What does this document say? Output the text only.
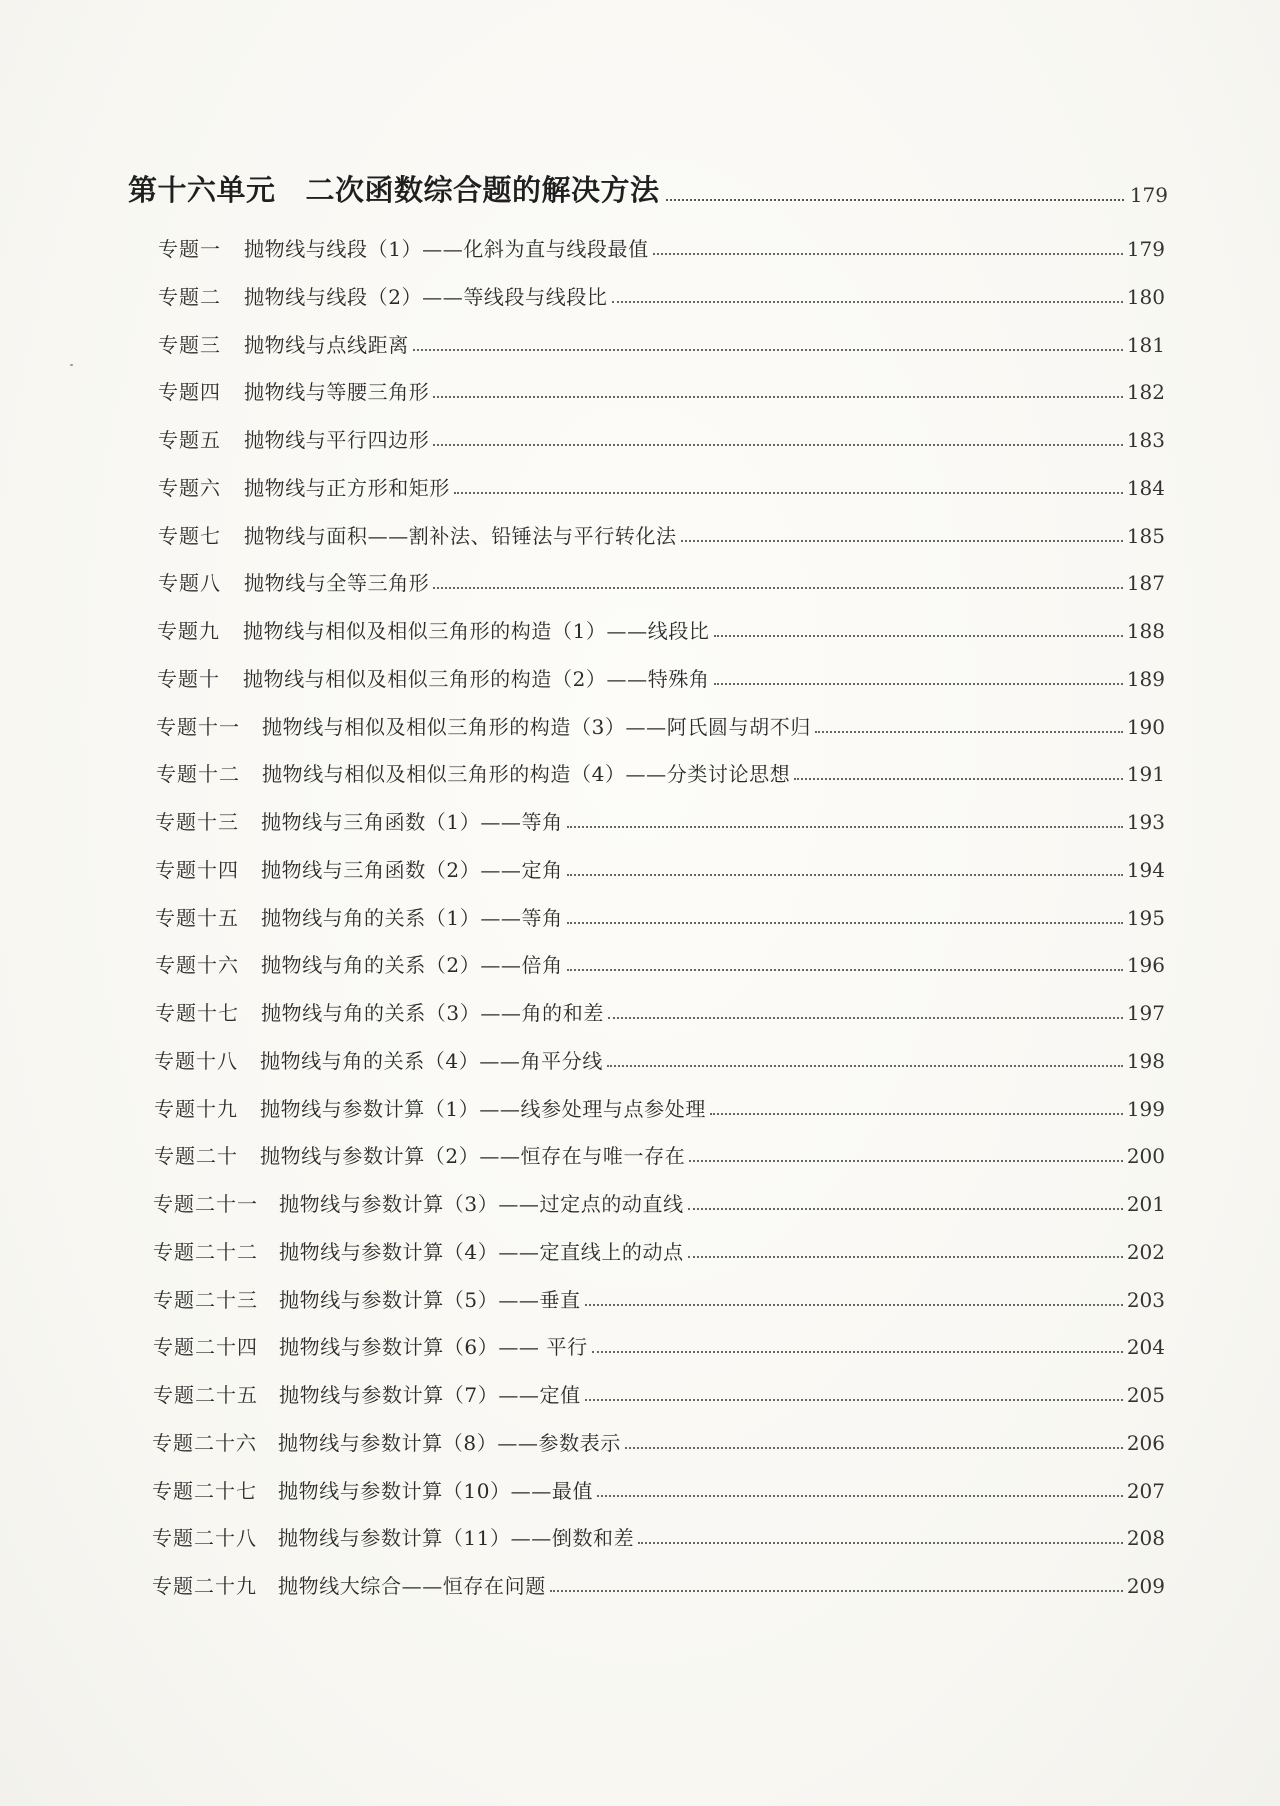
第十六单元 二次函数综合题的解决方法	179
专题一	抛物线与线段（1）——化斜为直与线段最值	179
专题二	抛物线与线段（2）——等线段与线段比	180
专题三	抛物线与点线距离	181
专题四	抛物线与等腰三角形	182
专题五	抛物线与平行四边形	183
专题六	抛物线与正方形和矩形	184
专题七	抛物线与面积——割补法、铅锤法与平行转化法	185
专题八	抛物线与全等三角形	187
专题九	抛物线与相似及相似三角形的构造（1）——线段比	188
专题十	抛物线与相似及相似三角形的构造（2）——特殊角	189
专题十一	抛物线与相似及相似三角形的构造（3）——阿氏圆与胡不归	190
专题十二	抛物线与相似及相似三角形的构造（4）——分类讨论思想	191
专题十三	抛物线与三角函数（1）——等角	193
专题十四	抛物线与三角函数（2）——定角	194
专题十五	抛物线与角的关系（1）——等角	195
专题十六	抛物线与角的关系（2）——倍角	196
专题十七	抛物线与角的关系（3）——角的和差	197
专题十八	抛物线与角的关系（4）——角平分线	198
专题十九	抛物线与参数计算（1）——线参处理与点参处理	199
专题二十	抛物线与参数计算（2）——恒存在与唯一存在	200
专题二十一	抛物线与参数计算（3）——过定点的动直线	201
专题二十二	抛物线与参数计算（4）——定直线上的动点	202
专题二十三	抛物线与参数计算（5）——垂直	203
专题二十四	抛物线与参数计算（6）—— 平行	204
专题二十五	抛物线与参数计算（7）——定值	205
专题二十六	抛物线与参数计算（8）——参数表示	206
专题二十七	抛物线与参数计算（10）——最值	207
专题二十八	抛物线与参数计算（11）——倒数和差	208
专题二十九	抛物线大综合——恒存在问题	209
